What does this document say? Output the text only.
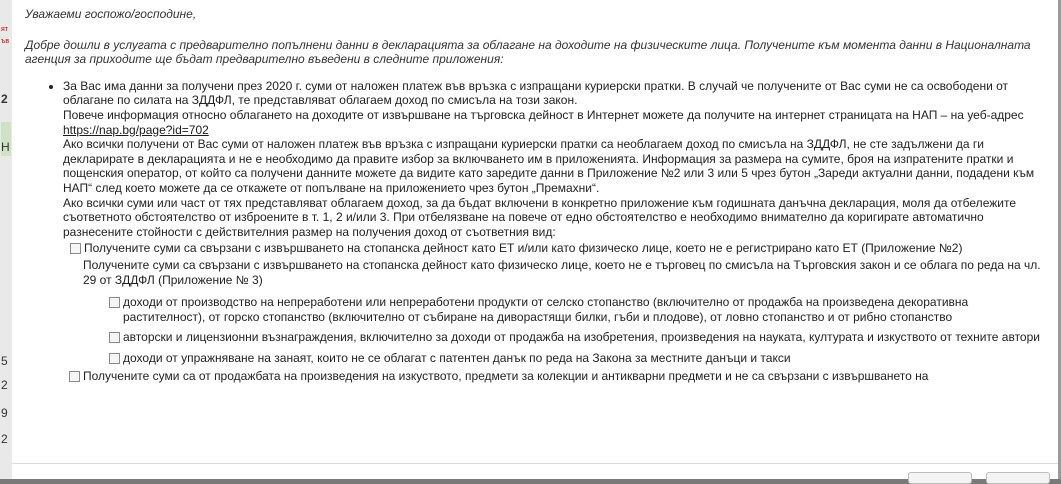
ят
ъв
2
Н
5
2
9
2

Уважаеми госпожо/господине,

Добре дошли в услугата с предварително попълнени данни в декларацията за облагане на доходите на физическите лица. Получените към момента данни в Националната агенция за приходите ще бъдат предварително въведени в следните приложения:

• За Вас има данни за получени през 2020 г. суми от наложен платеж във връзка с изпращани куриерски пратки. В случай че получените от Вас суми не са освободени от облагане по силата на ЗДДФЛ, те представляват облагаем доход по смисъла на този закон.
Повече информация относно облагането на доходите от извършване на търговска дейност в Интернет можете да получите на интернет страницата на НАП – на уеб-адрес https://nap.bg/page?id=702
Ако всички получени от Вас суми от наложен платеж във връзка с изпращани куриерски пратки са необлагаем доход по смисъла на ЗДДФЛ, не сте задължени да ги декларирате в декларацията и не е необходимо да правите избор за включването им в приложенията. Информация за размера на сумите, броя на изпратените пратки и пощенския оператор, от който са получени данните можете да видите като заредите данни в Приложение №2 или 3 или 5 чрез бутон „Зареди актуални данни, подадени към НАП“ след което можете да се откажете от попълване на приложението чрез бутон „Премахни“.
Ако всички суми или част от тях представляват облагаем доход, за да бъдат включени в конкретно приложение към годишната данъчна декларация, моля да отбележите съответното обстоятелство от изброените в т. 1, 2 и/или 3. При отбелязване на повече от едно обстоятелство е необходимо внимателно да коригирате автоматично разнесените стойности с действителния размер на получения доход от съответния вид:
Получените суми са свързани с извършването на стопанска дейност като ЕТ и/или като физическо лице, което не е регистрирано като ЕТ (Приложение №2)
Получените суми са свързани с извършването на стопанска дейност като физическо лице, което не е търговец по смисъла на Търговския закон и се облага по реда на чл. 29 от ЗДДФЛ (Приложение № 3)
доходи от производство на непреработени или непреработени продукти от селско стопанство (включително от продажба на произведена декоративна растителност), от горско стопанство (включително от събиране на диворастящи билки, гъби и плодове), от ловно стопанство и от рибно стопанство
авторски и лицензионни възнаграждения, включително за доходи от продажба на изобретения, произведения на науката, културата и изкуството от техните автори
доходи от упражняване на занаят, които не се облагат с патентен данък по реда на Закона за местните данъци и такси
Получените суми са от продажбата на произведения на изкуството, предмети за колекции и антикварни предмети и не са свързани с извършването на
